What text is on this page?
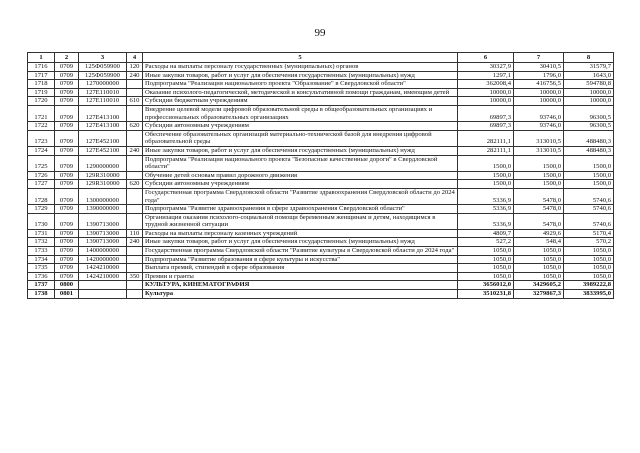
99
1	2	3	4	5	6	7	8
1716	0709	125Ф059900	120	Расходы на выплаты персоналу государственных (муниципальных) органов	30327,9	30410,5	31579,7
1717	0709	125Ф059900	240	Иные закупки товаров, работ и услуг для обеспечения государственных (муниципальных) нужд	1297,1	1796,0	1643,0
1718	0709	1270000000		Подпрограмма "Реализация национального проекта "Образование" в Свердловской области"	362008,4	416756,5	594780,8
1719	0709	127E110010		Оказание психолого-педагогической, методической и консультативной помощи гражданам, имеющим детей	10000,0	10000,0	10000,0
1720	0709	127E110010	610	Субсидии бюджетным учреждениям	10000,0	10000,0	10000,0
1721	0709	127E413100		Внедрение целевой модели цифровой образовательной среды в общеобразовательных организациях и профессиональных образовательных организациях	69897,3	93746,0	96300,5
1722	0709	127E413100	620	Субсидии автономным учреждениям	69897,3	93746,0	96300,5
1723	0709	127E452100		Обеспечение образовательных организаций материально-технической базой для внедрения цифровой образовательной среды	282111,1	313010,5	488480,3
1724	0709	127E452100	240	Иные закупки товаров, работ и услуг для обеспечения государственных (муниципальных) нужд	282111,1	313010,5	488480,3
1725	0709	1290000000		Подпрограмма "Реализация национального проекта "Безопасные качественные дороги" в Свердловской области"	1500,0	1500,0	1500,0
1726	0709	129R310000		Обучение детей основам правил дорожного движения	1500,0	1500,0	1500,0
1727	0709	129R310000	620	Субсидии автономным учреждениям	1500,0	1500,0	1500,0
1728	0709	1300000000		Государственная программа Свердловской области "Развитие здравоохранения Свердловской области до 2024 года"	5336,9	5478,0	5740,6
1729	0709	1390000000		Подпрограмма "Развитие здравоохранения в сфере здравоохранения Свердловской области"	5336,9	5478,0	5740,6
1730	0709	1390713000		Организация оказания психолого-социальной помощи беременным женщинам и детям, находящимся в трудной жизненной ситуации	5336,9	5478,0	5740,6
1731	0709	1390713000	110	Расходы на выплаты персоналу казенных учреждений	4809,7	4929,6	5170,4
1732	0709	1390713000	240	Иные закупки товаров, работ и услуг для обеспечения государственных (муниципальных) нужд	527,2	548,4	570,2
1733	0709	1400000000		Государственная программа Свердловской области "Развитие культуры в Свердловской области до 2024 года"	1050,0	1050,0	1050,0
1734	0709	1420000000		Подпрограмма "Развитие образования в сфере культуры и искусства"	1050,0	1050,0	1050,0
1735	0709	1424210000		Выплата премий, стипендий в сфере образования	1050,0	1050,0	1050,0
1736	0709	1424210000	350	Премии и гранты	1050,0	1050,0	1050,0
1737	0800			КУЛЬТУРА, КИНЕМАТОГРАФИЯ	3656012,0	3429605,2	3989222,8
1738	0801			Культура	3510231,8	3279867,3	3833995,0
